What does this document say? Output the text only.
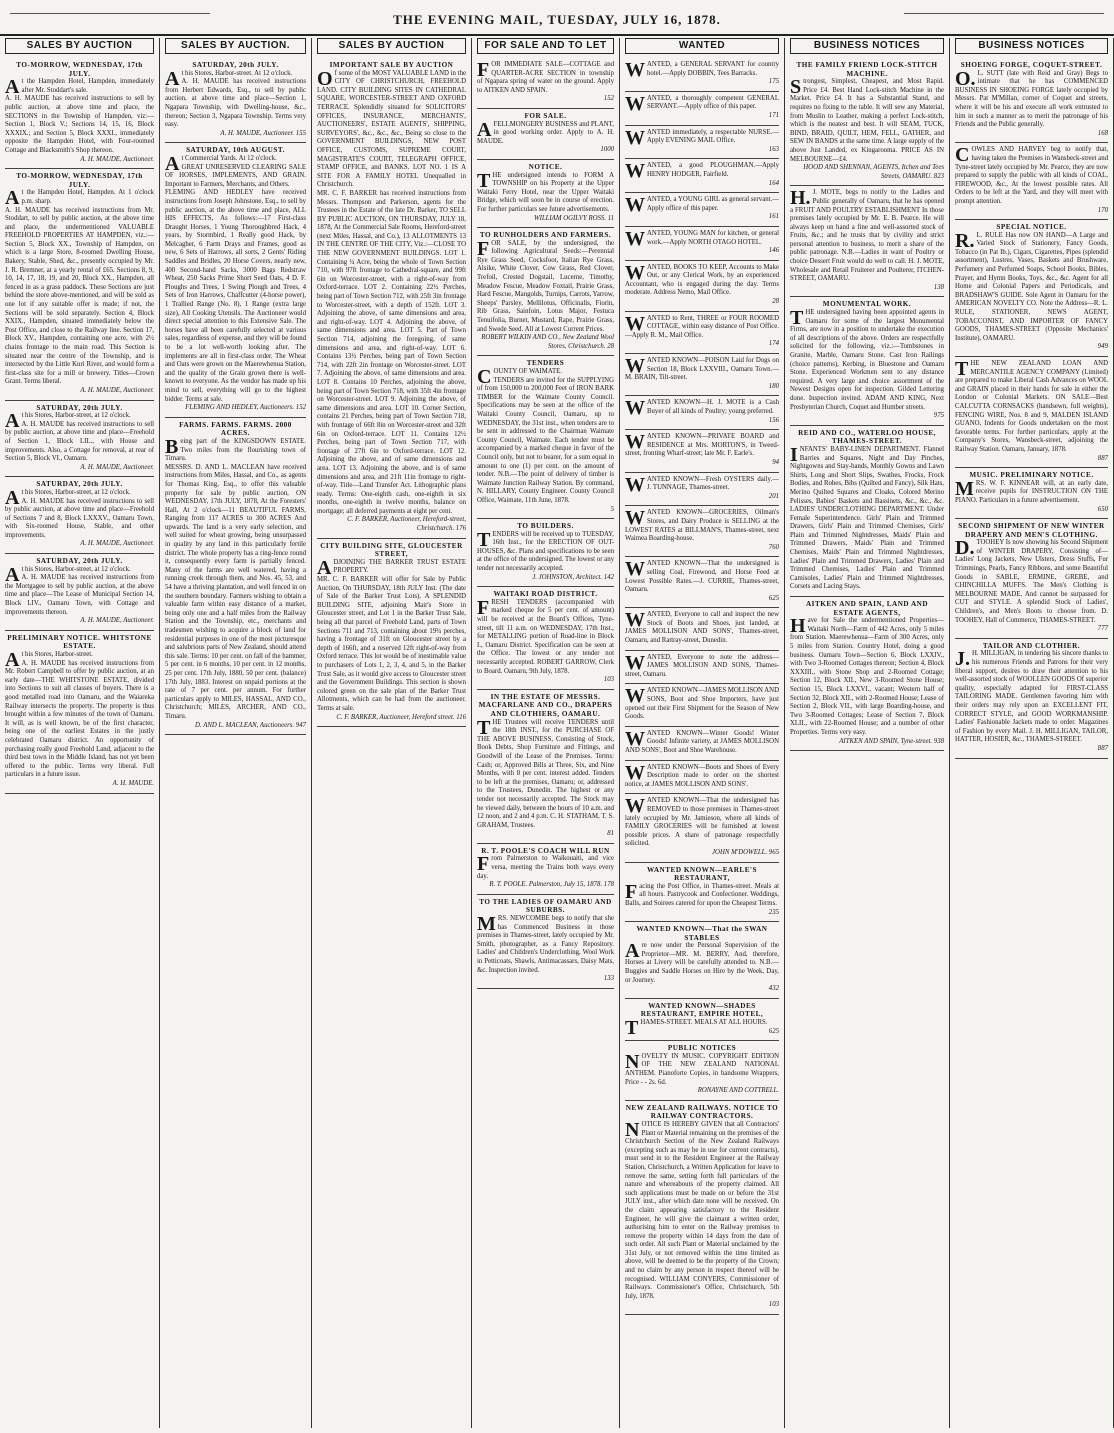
THE EVENING MAIL, TUESDAY, JULY 16, 1878.
SALES BY AUCTION
TO-MORROW, WEDNESDAY, 17th JULY.
At the Hampden Hotel, Hampden, immediately after Mr. Stoddart's sale.
A. H. MAUDE has received instructions to sell by public auction, at above time and place, the SECTIONS in the Township of Hampden, viz:—Section 1, Block V.; Sections 14, 15, 16, Block XXXIX.; and Section 5, Block XXXI., immediately opposite the Hampden Hotel, with Four-roomed Cottage and Blacksmith's Shop thereon.
A. H. MAUDE, Auctioneer.
TO-MORROW, WEDNESDAY, 17th JULY.
At the Hampden Hotel, Hampden. At 1 o'clock p.m. sharp.
A. H. MAUDE has received instructions from Mr. Stoddart, to sell by public auction, at the above time and place, the undermentioned VALUABLE FREEHOLD PROPERTIES AT HAMPDEN, viz.:—Section 5, Block XX., Township of Hampden, on which is a large Store, 8-roomed Dwelling House, Bakery, Stable, Shed, &c., presently occupied by Mr. J. R. Bremner, at a yearly rental of £65. Sections 8, 9, 10, 14, 17, 18, 19, and 20, Block XX., Hampden, all fenced in as a grass paddock. These Sections are just behind the store above-mentioned, and will be sold as one lot if any suitable offer is made; if not, the Sections will be sold separately. Section 4, Block XXIX., Hampden, situated immediately below the Post Office, and close to the Railway line. Section 17, Block XV., Hampden, containing one acre, with 2½ chains frontage to the main road. This Section is situated near the centre of the Township, and is intersected by the Little Kuri River, and would form a first-class site for a mill or brewery. Titles—Crown Grant. Terms liberal.
A. H. MAUDE, Auctioneer.
SATURDAY, 20th JULY.
At his Stores, Harbor-street, at 12 o'clock.
A. H. MAUDE has received instructions to sell by public auction, at above time and place—Freehold of Section 1, Block LIL., with House and improvements. Also, a Cottage for removal, at rear of Section 5, Block VI., Oamaru.
A. H. MAUDE, Auctioneer.
SATURDAY, 20th JULY.
At his Stores, Harbor-street, at 12 o'clock.
A. H. MAUDE has received instructions to sell by public auction, at above time and place—Freehold of Sections 7 and 8, Block LXXXV., Oamaru Town, with Six-roomed House, Stable, and other improvements.
A. H. MAUDE, Auctioneer.
SATURDAY, 20th JULY.
At his Stores, Harbor-street, at 12 o'clock.
A. H. MAUDE has received instructions from the Mortgagee to sell by public auction, at the above time and place—The Lease of Municipal Section 14, Block LIV., Oamaru Town, with Cottage and improvements thereon.
A. H. MAUDE, Auctioneer.
PRELIMINARY NOTICE. WHITSTONE ESTATE.
At his Stores, Harbor-street.
A. H. MAUDE has received instructions from Mr. Robert Campbell to offer by public auction, at an early date—THE WHITSTONE ESTATE, divided into Sections to suit all classes of buyers. There is a good metalled road into Oamaru, and the Waiareka Railway intersects the property. The property is thus brought within a few minutes of the town of Oamaru. It will, as is well known, be of the first character, being one of the earliest Estates in the justly celebrated Oamaru district. An opportunity of purchasing really good Freehold Land, adjacent to the third best town in the Middle Island, has not yet been offered to the public. Terms very liberal. Full particulars in a future issue.
A. H. MAUDE.
SALES BY AUCTION.
SATURDAY, 20th JULY.
At his Stores, Harbor-street. At 12 o'clock.
A. H. MAUDE has received instructions from Herbert Edwards, Esq., to sell by public auction, at above time and place—Section 1, Ngapara Township, with Dwelling-house, &c., thereon; Section 3, Ngapara Township. Terms very easy.
A. H. MAUDE, Auctioneer. 155
SATURDAY, 10th AUGUST.
At Commercial Yards. At 12 o'clock.
GREAT UNRESERVED CLEARING SALE OF HORSES, IMPLEMENTS, AND GRAIN. Important to Farmers, Merchants, and Others.
FLEMING AND HEDLEY have received instructions from Joseph Johnstone, Esq., to sell by public auction, at the above time and place, ALL HIS EFFECTS, As follows:—17 First-class Draught Horses, 1 Young Thoroughbred Hack, 4 years, by Stormbird, 1 Really good Hack, by Melcagher, 6 Farm Drays and Frames, good as new, 6 Sets of Harrows, all sorts, 2 Gents' Riding Saddles and Bridles, 20 Horse Covers, nearly new, 400 Second-hand Sacks, 3000 Bags Redstraw Wheat, 250 Sacks Prime Short Seed Oats, 4 D. F. Ploughs and Trees, 1 Swing Plough and Trees, 4 Sets of Iron Harrows, Chaffcutter (4-horse power), 1 Trallied Range (No. 8), 1 Range (extra large size), All Cooking Utensils. The Auctioneer would direct special attention to this Extensive Sale. The horses have all been carefully selected at various sales, regardless of expense, and they will be found to be a lot well-worth looking after. The implements are all in first-class order. The Wheat and Oats were grown on the Maerewhenua Station, and the quality of the Grain grown there is well-known to everyone. As the vendor has made up his mind to sell, everything will go to the highest bidder. Terms at sale.
FLEMING AND HEDLEY, Auctioneers. 152
FARMS. FARMS. FARMS. 2000 ACRES.
Being part of the KINGSDOWN ESTATE. Two miles from the flourishing town of Timaru.
MESSRS. D. AND L. MACLEAN have received instructions from Miles, Hassal, and Co., as agents for Thomas King, Esq., to offer this valuable property for sale by public auction, ON WEDNESDAY, 17th JULY, 1878, At the Foresters' Hall, At 2 o'clock—11 BEAUTIFUL FARMS, Ranging from 117 ACRES to 300 ACRES And upwards. The land is a very early selection, and well suited for wheat growing, being unsurpassed in quality by any land in this particularly fertile district. The whole property has a ring-fence round it, consequently every farm is partially fenced. Many of the farms are well watered, having a running creek through them, and Nos. 45, 53, and 54 have a thriving plantation, and well fenced in on the southern boundary. Farmers wishing to obtain a valuable farm within easy distance of a market, being only one and a half miles from the Railway Station and the Township, etc., merchants and tradesmen wishing to acquire a block of land for residential purposes in one of the most picturesque and salubrious parts of New Zealand, should attend this sale. Terms: 10 per cent. on fall of the hammer, 5 per cent. in 6 months, 10 per cent. in 12 months, 25 per cent. 17th July, 1880, 50 per cent. (balance) 17th July, 1883. Interest on unpaid portions at the rate of 7 per cent. per annum. For further particulars apply to MILES, HASSAL, AND CO., Christchurch; MILES, ARCHER, AND CO., Timaru.
D. AND L. MACLEAN, Auctioneers. 947
SALES BY AUCTION
IMPORTANT SALE BY AUCTION
Of some of the MOST VALUABLE LAND in the CITY OF CHRISTCHURCH, FREEHOLD LAND. CITY BUILDING SITES IN CATHEDRAL SQUARE, WORCESTER-STREET AND OXFORD TERRACE. Splendidly situated for SOLICITORS' OFFICES, INSURANCE, MERCHANTS', AUCTIONEERS', ESTATE AGENTS', SHIPPING, SURVEYORS', &c., &c., &c., Being so close to the GOVERNMENT BUILDINGS, NEW POST OFFICE, CUSTOMS, SUPREME COURT, MAGISTRATE'S COURT, TELEGRAPH OFFICE, STAMP OFFICE, and BANKS. LOT NO. 1 IS A SITE FOR A FAMILY HOTEL Unequalled in Christchurch.
MR. C. F. BARKER has received instructions from Messrs. Thompson and Parkerson, agents for the Trustees in the Estate of the late Dr. Barker, TO SELL BY PUBLIC AUCTION, ON THURSDAY, JULY 18, 1878, At the Commercial Sale Rooms, Hereford-street (next Miles, Hassal, and Co.), 13 ALLOTMENTS 13 IN THE CENTRE OF THE CITY, Viz.:—CLOSE TO THE NEW GOVERNMENT BUILDINGS. LOT 1. Containing ¼ Acre, being the whole of Town Section 710, with 97ft frontage to Cathedral-square, and 99ft 6in on Worcester-street, with a right-of-way from Oxford-terrace. LOT 2. Containing 22½ Perches, being part of Town Section 712, with 25ft 3in frontage to Worcester-street, with a depth of 152ft. LOT 3. Adjoining the above, of same dimensions and area, and right-of-way. LOT 4. Adjoining the above, of same dimensions and area. LOT 5. Part of Town Section 714, adjoining the foregoing, of same dimensions and area, and right-of-way. LOT 6. Contains 13½ Perches, being part of Town Section 714, with 22ft 2in frontage on Worcester-street. LOT 7. Adjoining the above, of same dimensions and area. LOT 8. Contains 10 Perches, adjoining the above, being part of Town Section 718, with 35ft 4in frontage on Worcester-street. LOT 9. Adjoining the above, of same dimensions and area. LOT 10. Corner Section, contains 21 Perches, being part of Town Section 718, with frontage of 66ft 8in on Worcester-street and 32ft 6in on Oxford-terrace. LOT 11. Contains 12½ Perches, being part of Town Section 717, with frontage of 27ft 6in to Oxford-terrace. LOT 12. Adjoining the above, and of same dimensions and area. LOT 13. Adjoining the above, and is of same dimensions and area, and 21ft 11in frontage to right-of-way. Title—Land Transfer Act. Lithographic plans ready. Terms: One-eighth cash, one-eighth in six months, one-eighth in twelve months, balance on mortgage; all deferred payments at eight per cent.
C. F. BARKER, Auctioneer, Hereford-street, Christchurch. 176
CITY BUILDING SITE, GLOUCESTER STREET,
ADJOINING THE BARKER TRUST ESTATE PROPERTY.
MR. C. F. BARKER will offer for Sale by Public Auction, On THURSDAY, 18th JULY Inst. (The date of Sale of the Barker Trust Lots), A SPLENDID BUILDING SITE, adjoining Mair's Store in Gloucester street, and Lot 1 in the Barker Trust Sale, being all that parcel of Freehold Land, parts of Town Sections 711 and 713, containing about 19¾ perches, having a frontage of 31ft on Gloucester street by a depth of 166ft, and a reserved 12ft right-of-way from Oxford terrace. This lot would be of inestimable value to purchasers of Lots 1, 2, 3, 4, and 5, in the Barker Trust Sale, as it would give access to Gloucester street and the Government Buildings. This section is shown colored green on the sale plan of the Barker Trust Allotments, which can be had from the auctioneer. Terms at sale.
C. F. BARKER, Auctioneer, Hereford street. 116
FOR SALE AND TO LET
FOR IMMEDIATE SALE—COTTAGE and QUARTER-ACRE SECTION in township of Ngapara spring of water on the ground. Apply to AITKEN AND SPAIN.
152
FOR SALE.
AFELLMONGERY BUSINESS and PLANT, in good working order. Apply to A. H. MAUDE.
1000
NOTICE.
THE undersigned intends to FORM A TOWNSHIP on his Property at the Upper Waitaki Ferry Hotel, near the Upper Waitaki Bridge, which will soon be in course of erection. For further particulars see future advertisements.
WILLIAM OGILVY ROSS. 11
TO RUNHOLDERS AND FARMERS.
FOR SALE, by the undersigned, the following Agricultural Seeds:—Perennial Rye Grass Seed, Cocksfoot, Italian Rye Grass, Alsike, White Clover, Cow Grass, Red Clover, Trefoil, Crested Dogstail, Lucerne, Timothy, Meadow Fescue, Meadow Foxtail, Prairie Grass, Hard Fescue, Mangolds, Turnips, Carrots, Yarrow, Sheeps' Parsley, Mellilotus, Officinalis, Fiorin, Rib Grass, Sainfoin, Lotus Major, Festuca Tenuifolia, Burnet, Mustard, Rape, Prairie Grass, and Swede Seed. All at Lowest Current Prices.
ROBERT WILKIN AND CO., New Zealand Wool Stores, Christchurch. 28
TENDERS
COUNTY OF WAIMATE.
TENDERS are invited for the SUPPLYING of from 150,000 to 200,000 Feet of IRON BARK TIMBER for the Waimate County Council. Specifications may be seen at the office of the Waitaki County Council, Oamaru, up to WEDNESDAY, the 31st inst., when tenders are to be sent in addressed to the Chairman Waimate County Council, Waimate. Each tender must be accompanied by a marked cheque in favor of the Council only, but not to bearer, for a sum equal in amount to one (1) per cent. on the amount of tender. N.B.—The point of delivery of timber is Waimate Junction Railway Station. By command, N. HILLARY, County Engineer. County Council Office, Waimate, 11th June, 1878.
5
TO BUILDERS.
TENDERS will be received up to TUESDAY, 16th Inst., for the ERECTION OF OUT-HOUSES, &c. Plans and specifications to be seen at the office of the undersigned. The lowest or any tender not necessarily accepted.
J. JOHNSTON, Architect. 142
WAITAKI ROAD DISTRICT.
FRESH TENDERS (accompanied with marked cheque for 5 per cent. of amount) will be received at the Board's Offices, Tyne-street, till 11 a.m. on WEDNESDAY, 17th Inst., for METALLING portion of Road-line in Block I., Oamaru District. Specification can be seen at the Office. The lowest or any tender not necessarily accepted. ROBERT GARROW, Clerk to Board. Oamaru, 9th July, 1878.
103
IN THE ESTATE OF MESSRS. MACFARLANE AND CO., DRAPERS AND CLOTHIERS, OAMARU.
THE Trustees will receive TENDERS until the 18th INST., for the PURCHASE OF THE ABOVE BUSINESS, Consisting of Stock, Book Debts, Shop Furniture and Fittings, and Goodwill of the Lease of the Premises. Terms: Cash; or, Approved Bills at Three, Six, and Nine Months, with 8 per cent. interest added. Tenders to be left at the premises, Oamaru; or, addressed to the Trustees, Dunedin. The highest or any tender not necessarily accepted. The Stock may be viewed daily, between the hours of 10 a.m. and 12 noon, and 2 and 4 p.m. C. H. STATHAM, T. S. GRAHAM, Trustees.
81
R. T. POOLE'S COACH WILL RUN
From Palmerston to Waikouaiti, and vice versa, meeting the Trains both ways every day.
R. T. POOLE. Palmerston, July 15, 1878. 178
TO THE LADIES OF OAMARU AND SUBURBS.
MRS. NEWCOMBE begs to notify that she has Commenced Business in those premises in Thames-street, lately occupied by Mr. Smith, photographer, as a Fancy Repository. Ladies' and Children's Underclothing, Wool Work in Petticoats, Shawls, Antimacassars, Daisy Mats, &c. Inspection invited.
133
WANTED
WANTED, a GENERAL SERVANT for country hotel.—Apply DOBBIN, Tees Barracks.
175
WANTED, a thoroughly competent GENERAL SERVANT.—Apply office of this paper.
171
WANTED immediately, a respectable NURSE.—Apply EVENING MAIL Office.
163
WANTED, a good PLOUGHMAN.—Apply HENRY HODGER, Fairfield.
164
WANTED, a YOUNG GIRL as general servant.—Apply office of this paper.
161
WANTED, YOUNG MAN for kitchen, or general work.—Apply NORTH OTAGO HOTEL.
146
WANTED, BOOKS TO KEEP, Accounts to Make Out, or any Clerical Work, by an experienced Accountant, who is engaged during the day. Terms moderate. Address Nemo, Mail Office.
28
WANTED to Rent, THREE or FOUR ROOMED COTTAGE, within easy distance of Post Office.—Apply R. M., Mail Office.
174
WANTED KNOWN—POISON Laid for Dogs on Section 18, Block LXXVIII., Oamaru Town.—M. BRAIN, Tilt-street.
180
WANTED KNOWN—H. J. MOTE is a Cash Buyer of all kinds of Poultry; young preferred.
156
WANTED KNOWN—PRIVATE BOARD and RESIDENCE at Mrs. MORTON'S, in Tweed-street, fronting Wharf-street; late Mr. F. Earle's.
94
WANTED KNOWN—Fresh OYSTERS daily.—J. TUNNAGE, Thames-street.
201
WANTED KNOWN—GROCERIES, Oilman's Stores, and Dairy Produce is SELLING at the LOWEST RATES at BILLMAN'S, Thames-street, next Waimea Boarding-house.
760
WANTED KNOWN—That the undersigned is selling Coal, Firewood, and Horse Feed at Lowest Possible Rates.—J. CURRIE, Thames-street, Oamaru.
625
WANTED, Everyone to call and inspect the new Stock of Boots and Shoes, just landed, at JAMES MOLLISON AND SONS', Thames-street, Oamaru, and Rattray-street, Dunedin.
WANTED, Everyone to note the address—JAMES MOLLISON AND SONS, Thames-street, Oamaru.
WANTED KNOWN—JAMES MOLLISON AND SONS, Boot and Shoe Importers, have just opened out their First Shipment for the Season of New Goods.
WANTED KNOWN—Winter Goods! Winter Goods! Infinite variety, at JAMES MOLLISON AND SONS', Boot and Shoe Warehouse.
WANTED KNOWN—Boots and Shoes of Every Description made to order on the shortest notice, at JAMES MOLLISON AND SONS'.
WANTED KNOWN—That the undersigned has REMOVED to those premises in Thames-street lately occupied by Mr. Jamieson, where all kinds of FAMILY GROCERIES will be furnished at lowest possible prices. A share of patronage respectfully solicited.
JOHN M'DOWELL. 965
WANTED KNOWN—EARLE'S RESTAURANT,
Facing the Post Office, in Thames-street. Meals at all hours. Pastrycook and Confectioner. Weddings, Balls, and Soirees catered for upon the Cheapest Terms.
235
WANTED KNOWN—That the SWAN STABLES
Are now under the Personal Supervision of the Proprietor—MR. M. BERRY, And, therefore, Horses at Livery will be carefully attended to. N.B.—Buggies and Saddle Horses on Hire by the Week, Day, or Journey.
432
WANTED KNOWN—SHADES RESTAURANT, EMPIRE HOTEL,
THAMES-STREET. MEALS AT ALL HOURS.
625
PUBLIC NOTICES
NOVELTY IN MUSIC. COPYRIGHT EDITION OF THE NEW ZEALAND NATIONAL ANTHEM. Pianoforte Copies, in handsome Wrappers, Price - - 2s. 6d.
RONAYNE AND COTTRELL.
NEW ZEALAND RAILWAYS. NOTICE TO RAILWAY CONTRACTORS.
NOTICE IS HEREBY GIVEN that all Contractors' Plant or Material remaining on the premises of the Christchurch Section of the New Zealand Railways (excepting such as may be in use for current contracts), must send in to the Resident Engineer at the Railway Station, Christchurch, a Written Application for leave to remove the same, setting forth full particulars of the nature and whereabouts of the property claimed. All such applications must be made on or before the 31st JULY inst., after which date none will be received. On the claim appearing satisfactory to the Resident Engineer, he will give the claimant a written order, authorising him to enter on the Railway premises to remove the property within 14 days from the date of such order. All such Plant or Material unclaimed by the 31st July, or not removed within the time limited as above, will be deemed to be the property of the Crown; and no claim by any person in respect thereof will be recognised. WILLIAM CONYERS, Commissioner of Railways. Commissioner's Office, Christchurch, 5th July, 1878.
103
BUSINESS NOTICES
THE FAMILY FRIEND LOCK-STITCH MACHINE.
Strongest, Simplest, Cheapest, and Most Rapid. Price £4. Best Hand Lock-stitch Machine in the Market. Price £4. It has a Substantial Stand, and requires no fixing to the table. It will sew any Material, from Muslin to Leather, making a perfect Lock-stitch, which is the neatest and best. It will SEAM, TUCK, BIND, BRAID, QUILT, HEM, FELL, GATHER, and SEW IN BANDS at the same time. A large supply of the above Just Landed, ex Kingarooma. PRICE AS IN MELBOURNE—£4.
HOOD AND SHENNAN, AGENTS, Itchen and Tees Streets, OAMARU. 823
H.J. MOTE, begs to notify to the Ladies and Public generally of Oamaru, that he has opened a FRUIT AND POULTRY ESTABLISHMENT In those premises lately occupied by Mr. E. B. Pearce. He will always keep on hand a fine and well-assorted stock of Fruits, &c.; and he trusts that by civility and strict personal attention to business, to merit a share of the public patronage. N.B.—Ladies in want of Poultry or choice Dessert Fruit would do well to call. H. J. MOTE, Wholesale and Retail Fruiterer and Poulterer, ITCHEN-STREET, OAMARU.
138
MONUMENTAL WORK.
THE undersigned having been appointed agents in Oamaru for some of the largest Monumental Firms, are now in a position to undertake the execution of all descriptions of the above. Orders are respectfully solicited for the following, viz.:—Tombstones in Granite, Marble, Oamaru Stone. Cast Iron Railings (choice patterns), Kerbing, in Bluestone and Oamaru Stone. Experienced Workmen sent to any distance required. A very large and choice assortment of the Newest Designs open for inspection. Gilded Lettering done. Inspection invited. ADAM AND KING, Next Presbyterian Church, Coquet and Humber streets.
975
REID AND CO., WATERLOO HOUSE, THAMES-STREET.
INFANTS' BABY-LINEN DEPARTMENT. Flannel Barries and Squares, Night and Day Pinches, Nightgowns and Stay-bands, Monthly Gowns and Lawn Shirts, Long and Short Slips, Swathes, Frocks, Frock Bodies, and Robes, Bibs (Quilted and Fancy), Silk Hats, Merino Quilted Squares and Cloaks, Colored Merino Pelisses, Babies' Baskets and Bassinets, &c., &c., &c. LADIES' UNDERCLOTHING DEPARTMENT. Under Female Superintendence. Girls' Plain and Trimmed Drawers, Girls' Plain and Trimmed Chemises, Girls' Plain and Trimmed Nightdresses, Maids' Plain and Trimmed Drawers, Maids' Plain and Trimmed Chemises, Maids' Plain and Trimmed Nightdresses, Ladies' Plain and Trimmed Drawers, Ladies' Plain and Trimmed Chemises, Ladies' Plain and Trimmed Camisoles, Ladies' Plain and Trimmed Nightdresses, Corsets and Lacing Stays.
AITKEN AND SPAIN, LAND AND ESTATE AGENTS,
Have for Sale the undermentioned Properties—Waitaki North—Farm of 442 Acres, only 5 miles from Station. Maerewhenua—Farm of 300 Acres, only 5 miles from Station. Country Hotel, doing a good business. Oamaru Town—Section 6, Block LXXIV., with Two 3-Roomed Cottages thereon; Section 4, Block XXXIII., with Stone Shop and 2-Roomed Cottage; Section 12, Block XII., New 3-Roomed Stone House; Section 15, Block LXXVI., vacant; Western half of Section 32, Block XII., with 2-Roomed House; Lease of Section 2, Block VII., with large Boarding-house, and Two 3-Roomed Cottages; Lease of Section 7, Block XLIL, with 22-Roomed House; and a number of other Properties. Terms very easy.
AITKEN AND SPAIN, Tyne-street. 938
BUSINESS NOTICES
SHOEING FORGE, COQUET-STREET.
O.L. SUTT (late with Reid and Gray) Begs to intimate that he has COMMENCED BUSINESS IN SHOEING FORGE lately occupied by Messrs. Pat M'Millan, corner of Coquet and streets, where it will be his and execute all work entrusted to him in such a manner as to merit the patronage of his Friends and the Public generally.
168
COWLES AND HARVEY beg to notify that, having taken the Premises in Wansbeck-street and Tyne-street lately occupied by Mr. Pearce, they are now prepared to supply the public with all kinds of COAL, FIREWOOD, &c., At the lowest possible rates. All Orders to be left at the Yard, and they will meet with prompt attention.
170
SPECIAL NOTICE.
R.L. RULE Has now ON HAND—A Large and Varied Stock of Stationery, Fancy Goods, Tobacco (in Pat Ib.), Cigars, Cigarettes, Pipes (splendid assortment), Lustres, Vases, Baskets and Brushware, Perfumery and Perfumed Soaps, School Books, Bibles, Prayer, and Hymn Books, Toys, &c., &c. Agent for all Home and Colonial Papers and Periodicals, and BRADSHAW'S GUIDE. Sole Agent in Oamaru for the AMERICAN NOVELTY CO. Note the Address—R. L. RULE, STATIONER, NEWS AGENT, TOBACCONIST, AND IMPORTER OF FANCY GOODS, THAMES-STREET (Opposite Mechanics' Institute), OAMARU.
949
THE NEW ZEALAND LOAN AND MERCANTILE AGENCY COMPANY (Limited) are prepared to make Liberal Cash Advances on WOOL and GRAIN placed in their hands for sale in either the London or Colonial Markets. ON SALE—Best CALCUTTA CORNSACKS (handsewn, full weights), FENCING WIRE, Nos. 8 and 9, MALDEN ISLAND GUANO, Indents for Goods undertaken on the most favorable terms. For further particulars, apply at the Company's Stores, Wansbeck-street, adjoining the Railway Station. Oamaru, January, 1878.
887
MUSIC. PRELIMINARY NOTICE.
MRS. W. F. KINNEAR will, at an early date, receive pupils for INSTRUCTION ON THE PIANO. Particulars in a future advertisement.
650
SECOND SHIPMENT OF NEW WINTER DRAPERY AND MEN'S CLOTHING.
D.TOOHEY Is now showing his Second Shipment of WINTER DRAPERY, Consisting of—Ladies' Long Jackets, New Ulsters, Dress Stuffs, Fur Trimmings, Pearls, Fancy Ribbons, and some Beautiful Goods in SABLE, ERMINE, GREBE, and CHINCHILLA MUFFS. The Men's Clothing is MELBOURNE MADE, And cannot be surpassed for CUT and STYLE. A splendid Stock of Ladies', Children's, and Men's Boots to choose from. D. TOOHEY, Hall of Commerce, THAMES-STREET.
777
TAILOR AND CLOTHIER.
J.H. MILLIGAN, in tendering his sincere thanks to his numerous Friends and Patrons for their very liberal support, desires to draw their attention to his well-assorted stock of WOOLLEN GOODS Of superior quality, especially adapted for FIRST-CLASS TAILORING MADE. Gentlemen favoring him with their orders may rely upon an EXCELLENT FIT, CORRECT STYLE, and GOOD WORKMANSHIP. Ladies' Fashionable Jackets made to order. Magazines of Fashion by every Mail. J. H. MILLIGAN, TAILOR, HATTER, HOSIER, &c., THAMES-STREET.
887
